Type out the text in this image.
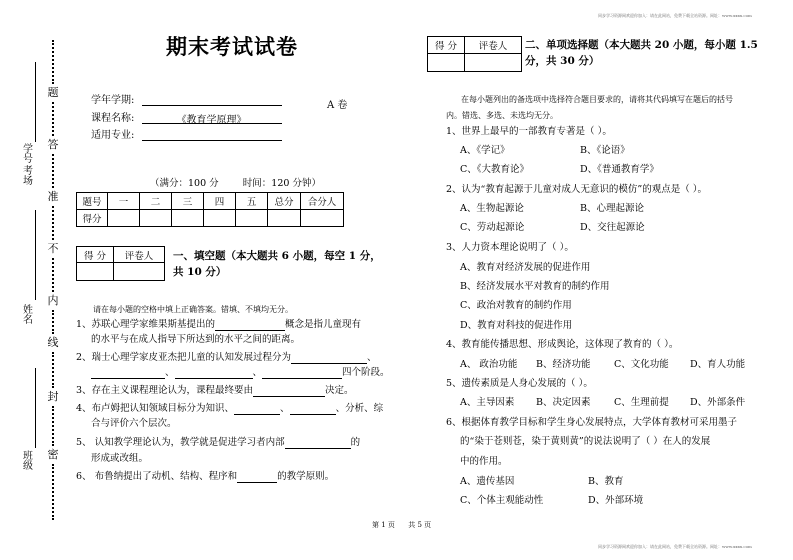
同步学习资源网欢迎你加入：请在此网站，免费下载全站资源。网址：www.xxxx.com
题
答
准
不
内
线
封
密
学号
考场
姓名
班级
期末考试试卷
学年学期:
课程名称:	《教育学原理》
适用专业:
A 卷
（满分：100 分        时间：120 分钟）
题号	一	二	三	四	五	总分	合分人
得分							
得 分	评卷人
	一、填空题（本大题共 6 小题，每空 1 分，
共 10 分）
请在每小题的空格中填上正确答案。错填、不填均无分。
1、苏联心理学家维果斯基提出的	概念是指儿童现有
的水平与在成人指导下所达到的水平之间的距离。
2、瑞士心理学家皮亚杰把儿童的认知发展过程分为	、
、	、	四个阶段。
3、存在主义课程理论认为，课程最终要由	决定。
4、布卢姆把认知领域目标分为知识、	、	、分析、综
合与评价六个层次。
5、 认知教学理论认为，教学就是促进学习者内部	的
形成或改组。
6、 布鲁纳提出了动机、结构、程序和	的教学原则。
得 分	评卷人
	二、单项选择题（本大题共 20 小题，每小题 1.5
分，共 30 分）
在每小题列出的备选项中选择符合题目要求的，请将其代码填写在题后的括号
内。错选、多选、未选均无分。
1、世界上最早的一部教育专著是（ ）。
A、《学记》	B、《论语》
C、《大教育论》	D、《普通教育学》
2、认为“教育起源于儿童对成人无意识的模仿”的观点是（ ）。
A、生物起源论	B、心理起源论
C、劳动起源论	D、交往起源论
3、人力资本理论说明了（ ）。
A、教育对经济发展的促进作用
B、经济发展水平对教育的制约作用
C、政治对教育的制约作用
D、教育对科技的促进作用
4、教育能传播思想、形成舆论，这体现了教育的（ ）。
A、 政治功能 B、经济功能 C、文化功能 D、育人功能
5、遗传素质是人身心发展的（ ）。
A、主导因素 B、决定因素 C、生理前提 D、外部条件
6、根据体育教学目标和学生身心发展特点，大学体育教材可采用墨子
的“染于苍则苍，染于黄则黄”的说法说明了（ ）在人的发展
中的作用。
A、遗传基因	B、教育
C、个体主观能动性	D、外部环境
第 1 页      共 5 页
同步学习资源网欢迎你加入：请在此网站，免费下载全站资源。网址：www.xxxx.com
